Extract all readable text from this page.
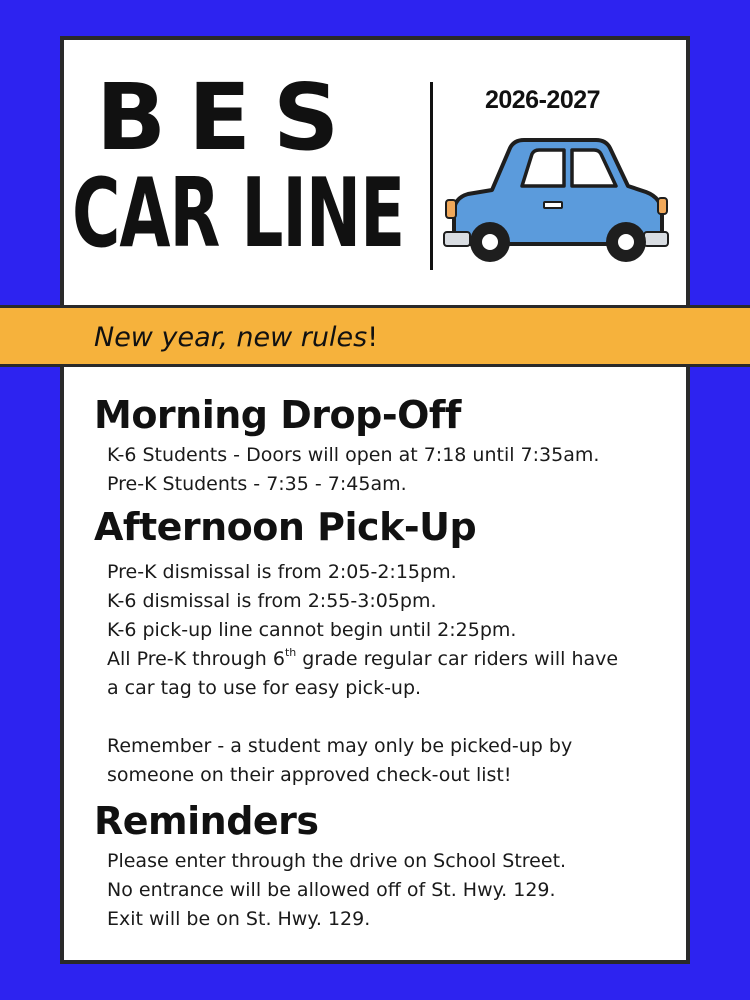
BES
CAR LINE
2026-2027
New year, new rules!
Morning Drop-Off

K-6 Students - Doors will open at 7:18 until 7:35am.

Pre-K Students - 7:35 - 7:45am.

Afternoon Pick-Up

Pre-K dismissal is from 2:05-2:15pm.

K-6 dismissal is from 2:55-3:05pm.

K-6 pick-up line cannot begin until 2:25pm.

All Pre-K through 6th grade regular car riders will have

a car tag to use for easy pick-up.

Remember - a student may only be picked-up by

someone on their approved check-out list!

Reminders

Please enter through the drive on School Street.

No entrance will be allowed off of St. Hwy. 129.

Exit will be on St. Hwy. 129.
